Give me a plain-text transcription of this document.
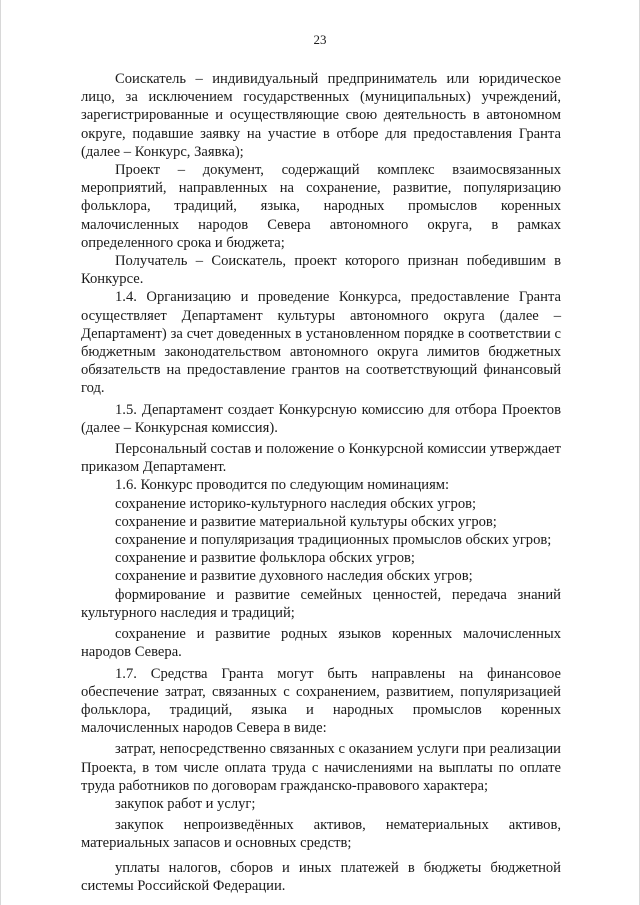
23

Соискатель – индивидуальный предприниматель или юридическое лицо, за исключением государственных (муниципальных) учреждений, зарегистрированные и осуществляющие свою деятельность в автономном округе, подавшие заявку на участие в отборе для предоставления Гранта (далее – Конкурс, Заявка);

Проект – документ, содержащий комплекс взаимосвязанных мероприятий, направленных на сохранение, развитие, популяризацию фольклора, традиций, языка, народных промыслов коренных малочисленных народов Севера автономного округа, в рамках определенного срока и бюджета;

Получатель – Соискатель, проект которого признан победившим в Конкурсе.

1.4. Организацию и проведение Конкурса, предоставление Гранта осуществляет Департамент культуры автономного округа (далее – Департамент) за счет доведенных в установленном порядке в соответствии с бюджетным законодательством автономного округа лимитов бюджетных обязательств на предоставление грантов на соответствующий финансовый год.

1.5. Департамент создает Конкурсную комиссию для отбора Проектов (далее – Конкурсная комиссия).

Персональный состав и положение о Конкурсной комиссии утверждает приказом Департамент.

1.6. Конкурс проводится по следующим номинациям:

сохранение историко-культурного наследия обских угров;

сохранение и развитие материальной культуры обских угров;

сохранение и популяризация традиционных промыслов обских угров;

сохранение и развитие фольклора обских угров;

сохранение и развитие духовного наследия обских угров;

формирование и развитие семейных ценностей, передача знаний культурного наследия и традиций;

сохранение и развитие родных языков коренных малочисленных народов Севера.

1.7. Средства Гранта могут быть направлены на финансовое обеспечение затрат, связанных с сохранением, развитием, популяризацией фольклора, традиций, языка и народных промыслов коренных малочисленных народов Севера в виде:

затрат, непосредственно связанных с оказанием услуги при реализации Проекта, в том числе оплата труда с начислениями на выплаты по оплате труда работников по договорам гражданско-правового характера;

закупок работ и услуг;

закупок непроизведённых активов, нематериальных активов, материальных запасов и основных средств;

уплаты налогов, сборов и иных платежей в бюджеты бюджетной системы Российской Федерации.
